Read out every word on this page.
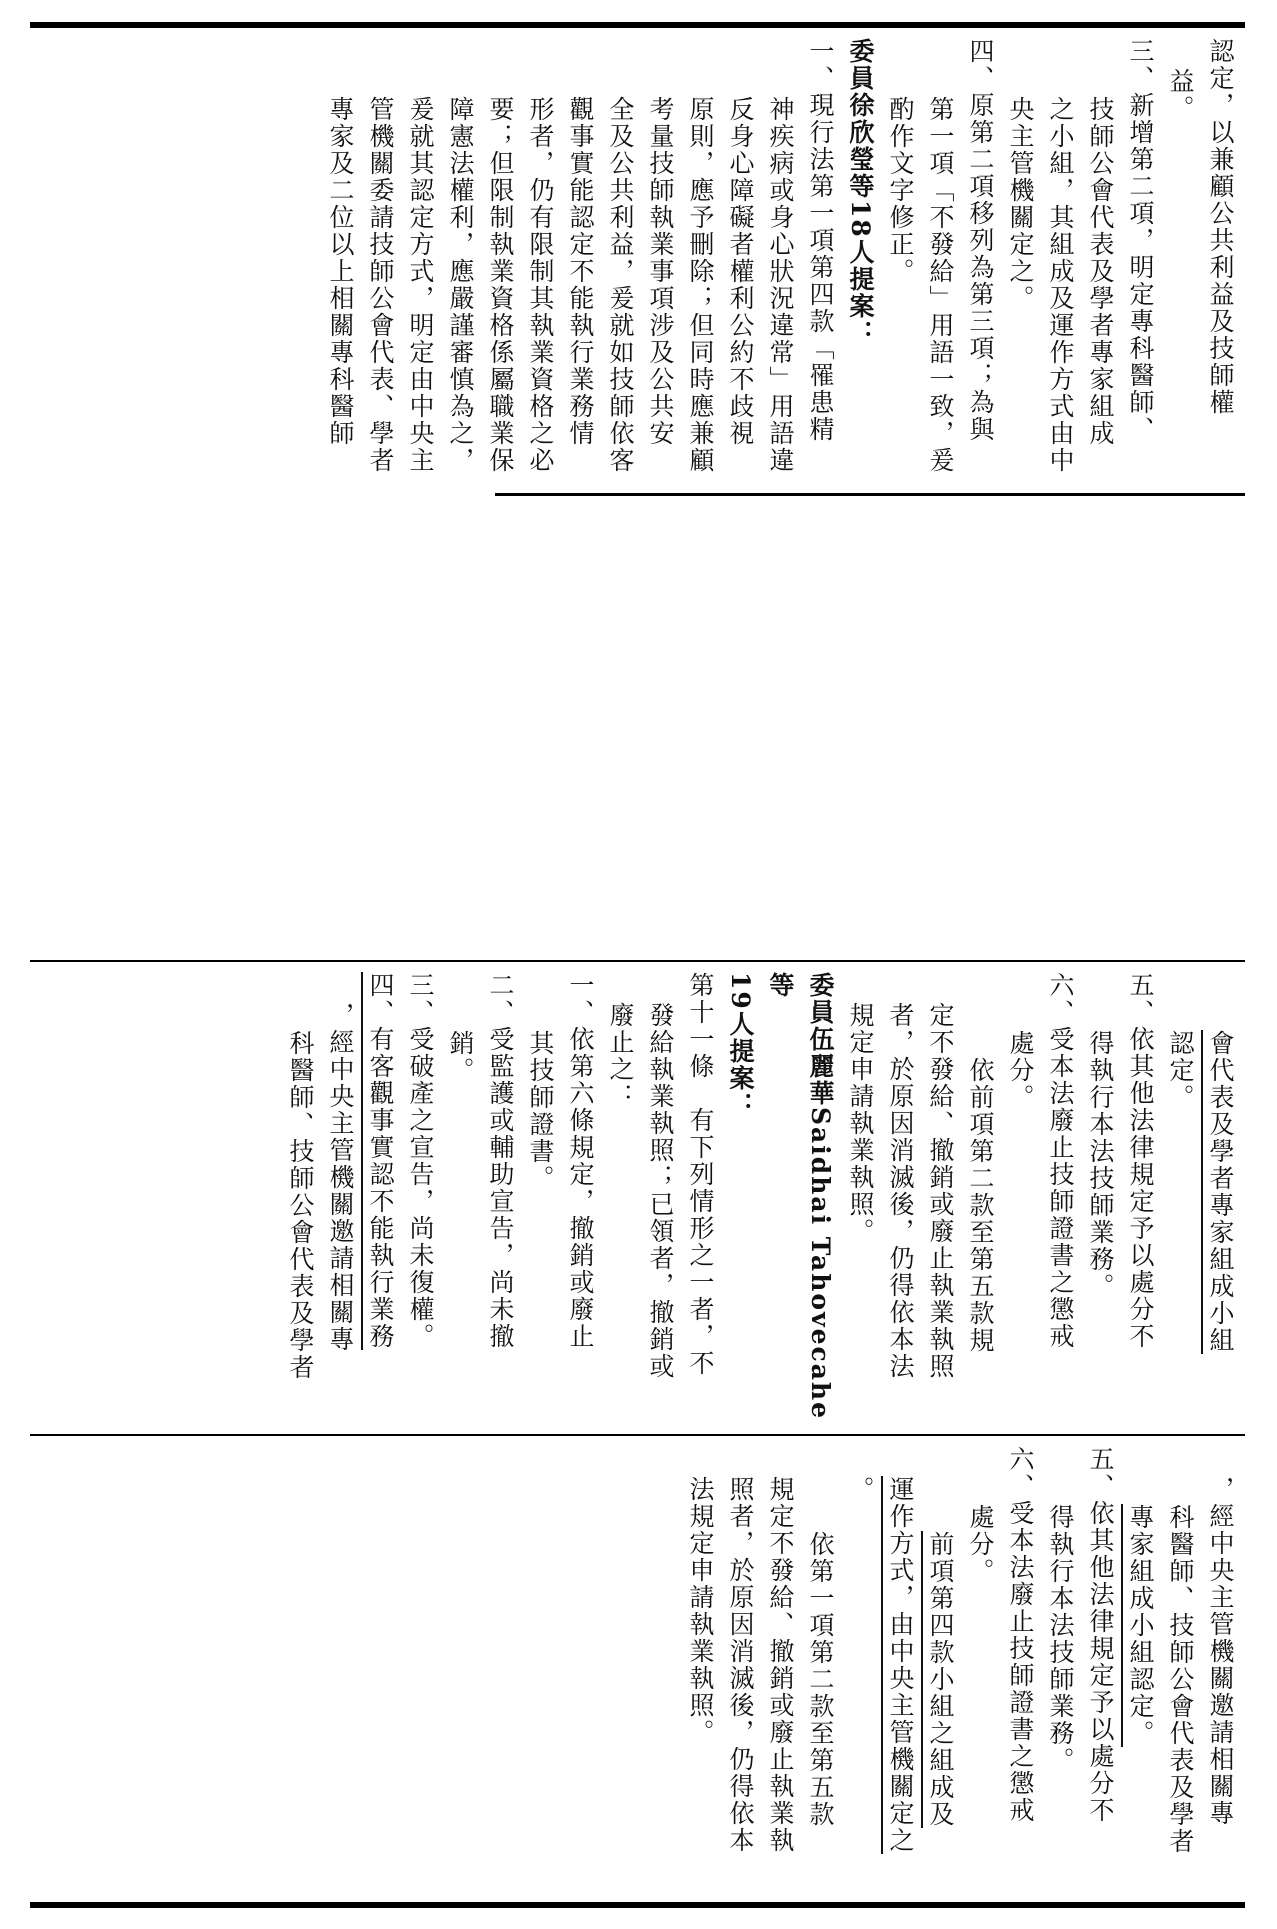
認定，以兼顧公共利益及技師權

益。

三、新增第二項，明定專科醫師、

技師公會代表及學者專家組成

之小組，其組成及運作方式由中

央主管機關定之。

四、原第二項移列為第三項；為與

第一項「不發給」用語一致，爰

酌作文字修正。

委員徐欣瑩等18人提案：

一、現行法第一項第四款「罹患精

神疾病或身心狀況違常」用語違

反身心障礙者權利公約不歧視

原則，應予刪除；但同時應兼顧

考量技師執業事項涉及公共安

全及公共利益，爰就如技師依客

觀事實能認定不能執行業務情

形者，仍有限制其執業資格之必

要；但限制執業資格係屬職業保

障憲法權利，應嚴謹審慎為之，

爰就其認定方式，明定由中央主

管機關委請技師公會代表、學者

專家及二位以上相關專科醫師

會代表及學者專家組成小組

認定。

五、依其他法律規定予以處分不

得執行本法技師業務。

六、受本法廢止技師證書之懲戒

處分。

依前項第二款至第五款規

定不發給、撤銷或廢止執業執照

者，於原因消滅後，仍得依本法

規定申請執業執照。

委員伍麗華Saidhai Tahovecahe等

19人提案：

第十一條　有下列情形之一者，不

發給執業執照；已領者，撤銷或

廢止之：

一、依第六條規定，撤銷或廢止

其技師證書。

二、受監護或輔助宣告，尚未撤

銷。

三、受破產之宣告，尚未復權。

四、有客觀事實認不能執行業務

，經中央主管機關邀請相關專

科醫師、技師公會代表及學者

，經中央主管機關邀請相關專

科醫師、技師公會代表及學者

專家組成小組認定。

五、依其他法律規定予以處分不

得執行本法技師業務。

六、受本法廢止技師證書之懲戒

處分。

前項第四款小組之組成及

運作方式，由中央主管機關定之

。

依第一項第二款至第五款

規定不發給、撤銷或廢止執業執

照者，於原因消滅後，仍得依本

法規定申請執業執照。
